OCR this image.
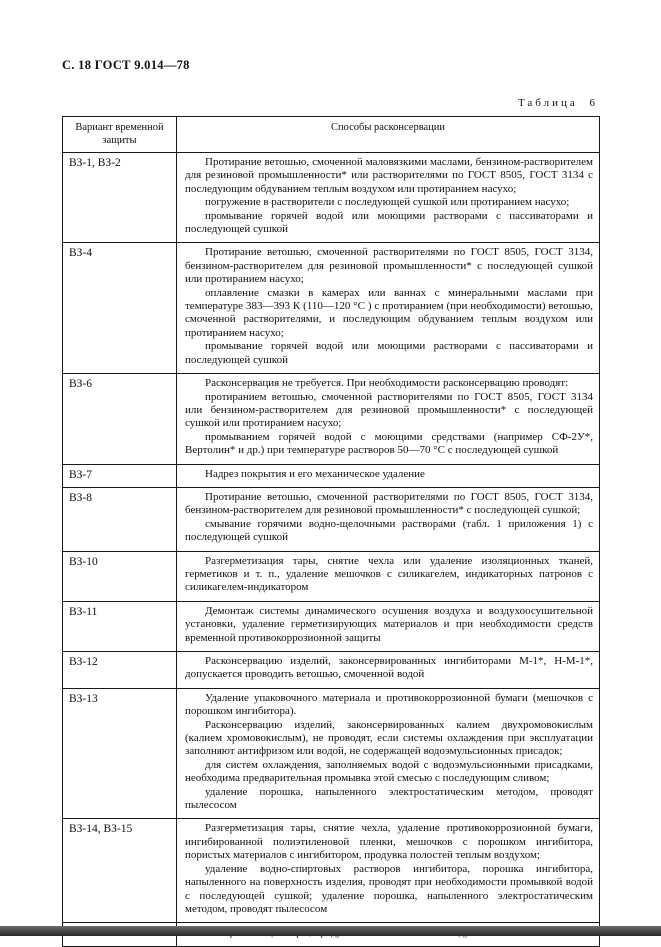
С. 18 ГОСТ 9.014—78
Таблица 6
Вариант временной защиты	Способы расконсервации
ВЗ-1, ВЗ-2	Протирание ветошью, смоченной маловязкими маслами, бензином-растворителем для резиновой промышленности* или растворителями по ГОСТ 8505, ГОСТ 3134 с последующим обдуванием теплым воздухом или протиранием насухо;

погружение в растворители с последующей сушкой или протиранием насухо;

промывание горячей водой или моющими растворами с пассиваторами и последующей сушкой

ВЗ-4	Протирание ветошью, смоченной растворителями по ГОСТ 8505, ГОСТ 3134, бензином-растворителем для резиновой промышленности* с последующей сушкой или протиранием насухо;

оплавление смазки в камерах или ваннах с минеральными маслами при температуре 383—393 К (110—120 °С ) с протиранием (при необходимости) ветошью, смоченной растворителями, и последующим обдуванием теплым воздухом или протиранием насухо;

промывание горячей водой или моющими растворами с пассиваторами и последующей сушкой

ВЗ-6	Расконсервация не требуется. При необходимости расконсервацию проводят:

протиранием ветошью, смоченной растворителями по ГОСТ 8505, ГОСТ 3134 или бензином-растворителем для резиновой промышленности* с последующей сушкой или протиранием насухо;

промыванием горячей водой с моющими средствами (например СФ-2У*, Вертолин* и др.) при температуре растворов 50—70 °С с последующей сушкой

ВЗ-7	Надрез покрытия и его механическое удаление

ВЗ-8	Протирание ветошью, смоченной растворителями по ГОСТ 8505, ГОСТ 3134, бензином-растворителем для резиновой промышленности* с последующей сушкой;

смывание горячими водно-щелочными растворами (табл. 1 приложения 1) с последующей сушкой

ВЗ-10	Разгерметизация тары, снятие чехла или удаление изоляционных тканей, герметиков и т. п., удаление мешочков с силикагелем, индикаторных патронов с силикагелем-индикатором

ВЗ-11	Демонтаж системы динамического осушения воздуха и воздухоосушительной установки, удаление герметизирующих материалов и при необходимости средств временной противокоррозионной защиты

ВЗ-12	Расконсервацию изделий, законсервированных ингибиторами М-1*, Н-М-1*, допускается проводить ветошью, смоченной водой

ВЗ-13	Удаление упаковочного материала и противокоррозионной бумаги (мешочков с порошком ингибитора).

Расконсервацию изделий, законсервированных калием двухромовокислым (калием хромовокислым), не проводят, если системы охлаждения при эксплуатации заполняют антифризом или водой, не содержащей водоэмульсионных присадок;

для систем охлаждения, заполняемых водой с водоэмульсионными присадками, необходима предварительная промывка этой смесью с последующим сливом;

удаление порошка, напыленного электростатическим методом, проводят пылесосом

ВЗ-14, ВЗ-15	Разгерметизация тары, снятие чехла, удаление противокоррозионной бумаги, ингибированной полиэтиленовой пленки, мешочков с порошком ингибитора, пористых материалов с ингибитором, продувка полостей теплым воздухом;

удаление водно-спиртовых растворов ингибитора, порошка ингибитора, напыленного на поверхность изделия, проводят при необходимости промывкой водой с последующей сушкой; удаление порошка, напыленного электростатическим методом, проводят пылесосом
